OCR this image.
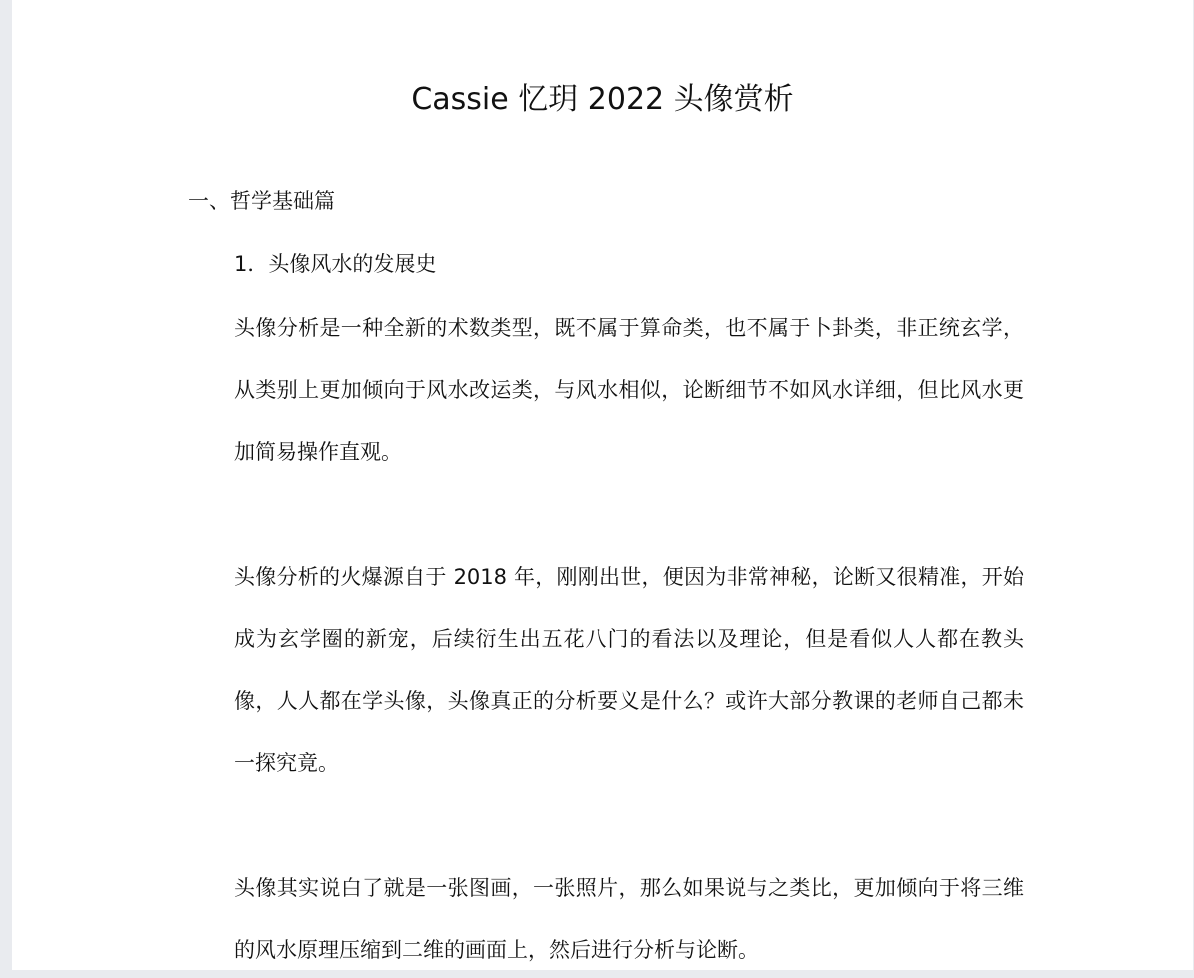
Cassie 忆玥 2022 头像赏析
一、哲学基础篇
1．头像风水的发展史

头像分析是一种全新的术数类型，既不属于算命类，也不属于卜卦类，非正统玄学，从类别上更加倾向于风水改运类，与风水相似，论断细节不如风水详细，但比风水更加简易操作直观。

头像分析的火爆源自于 2018 年，刚刚出世，便因为非常神秘，论断又很精准，开始成为玄学圈的新宠，后续衍生出五花八门的看法以及理论，但是看似人人都在教头像，人人都在学头像，头像真正的分析要义是什么？或许大部分教课的老师自己都未一探究竟。

头像其实说白了就是一张图画，一张照片，那么如果说与之类比，更加倾向于将三维的风水原理压缩到二维的画面上，然后进行分析与论断。
